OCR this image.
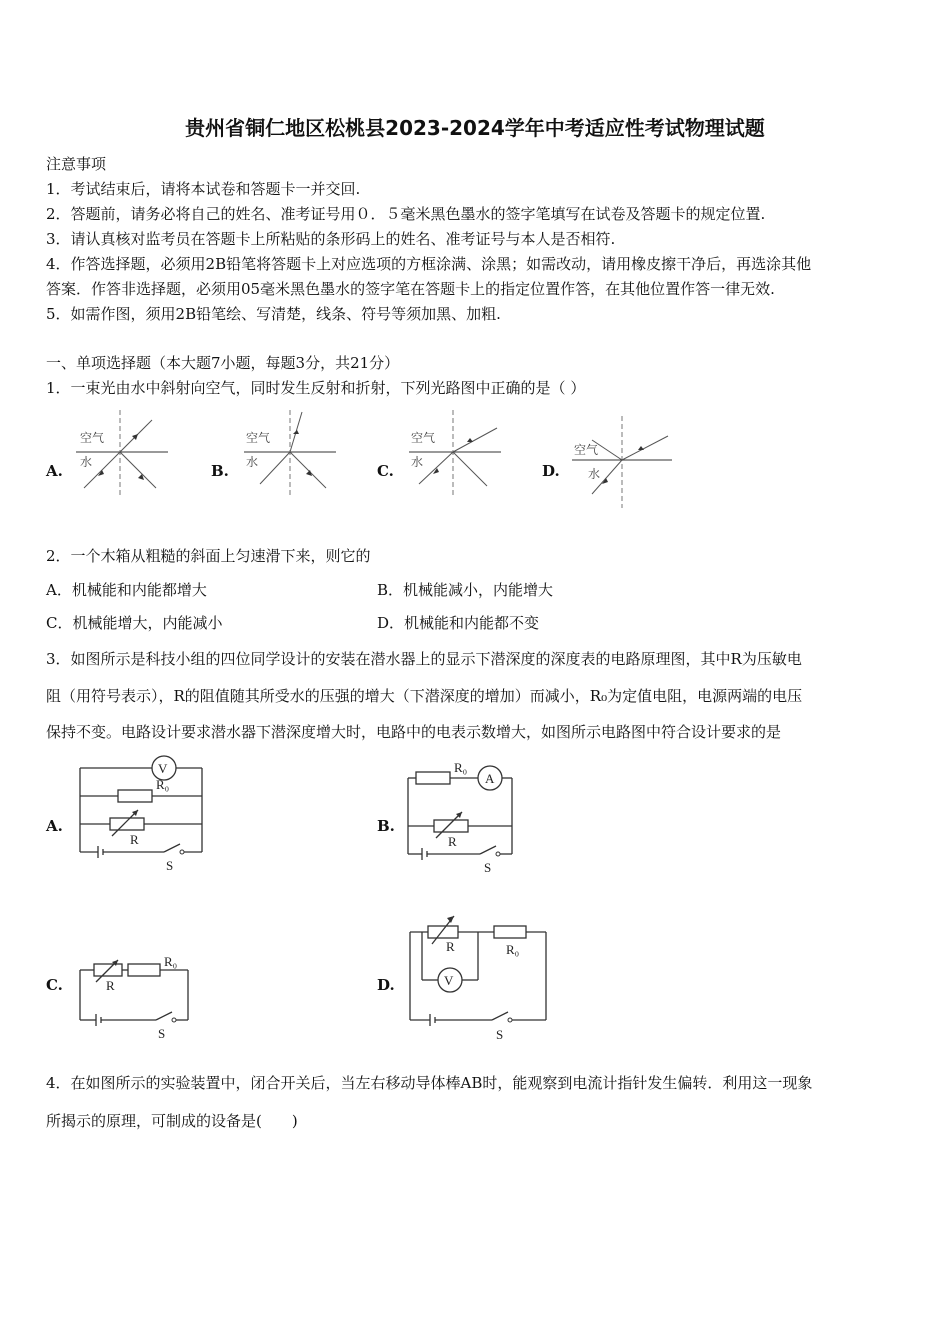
贵州省铜仁地区松桃县2023-2024学年中考适应性考试物理试题
注意事项
1．考试结束后，请将本试卷和答题卡一并交回.
2．答题前，请务必将自己的姓名、准考证号用０．５毫米黑色墨水的签字笔填写在试卷及答题卡的规定位置.
3．请认真核对监考员在答题卡上所粘贴的条形码上的姓名、准考证号与本人是否相符.
4．作答选择题，必须用2B铅笔将答题卡上对应选项的方框涂满、涂黑；如需改动，请用橡皮擦干净后，再选涂其他
答案．作答非选择题，必须用05毫米黑色墨水的签字笔在答题卡上的指定位置作答，在其他位置作答一律无效.
5．如需作图，须用2B铅笔绘、写清楚，线条、符号等须加黑、加粗.
一、单项选择题（本大题7小题，每题3分，共21分）
1．一束光由水中斜射向空气，同时发生反射和折射，下列光路图中正确的是（ ）
A.	B.	C.	D.
空气
水
空气
水
空气
水
空气
水
2．一个木箱从粗糙的斜面上匀速滑下来，则它的
A．机械能和内能都增大	B．机械能减小，内能增大
C．机械能增大，内能减小	D．机械能和内能都不变
3．如图所示是科技小组的四位同学设计的安装在潜水器上的显示下潜深度的深度表的电路原理图，其中R为压敏电
阻（用符号表示），R的阻值随其所受水的压强的增大（下潜深度的增加）而减小，R₀为定值电阻，电源两端的电压
保持不变。电路设计要求潜水器下潜深度增大时，电路中的电表示数增大，如图所示电路图中符合设计要求的是
A.	B.
C.	D.
V
R₀
R
S
R₀
A
R
S
R
R₀
S
R	R₀
V
S
4．在如图所示的实验装置中，闭合开关后，当左右移动导体棒AB时，能观察到电流计指针发生偏转．利用这一现象
所揭示的原理，可制成的设备是(　　)
